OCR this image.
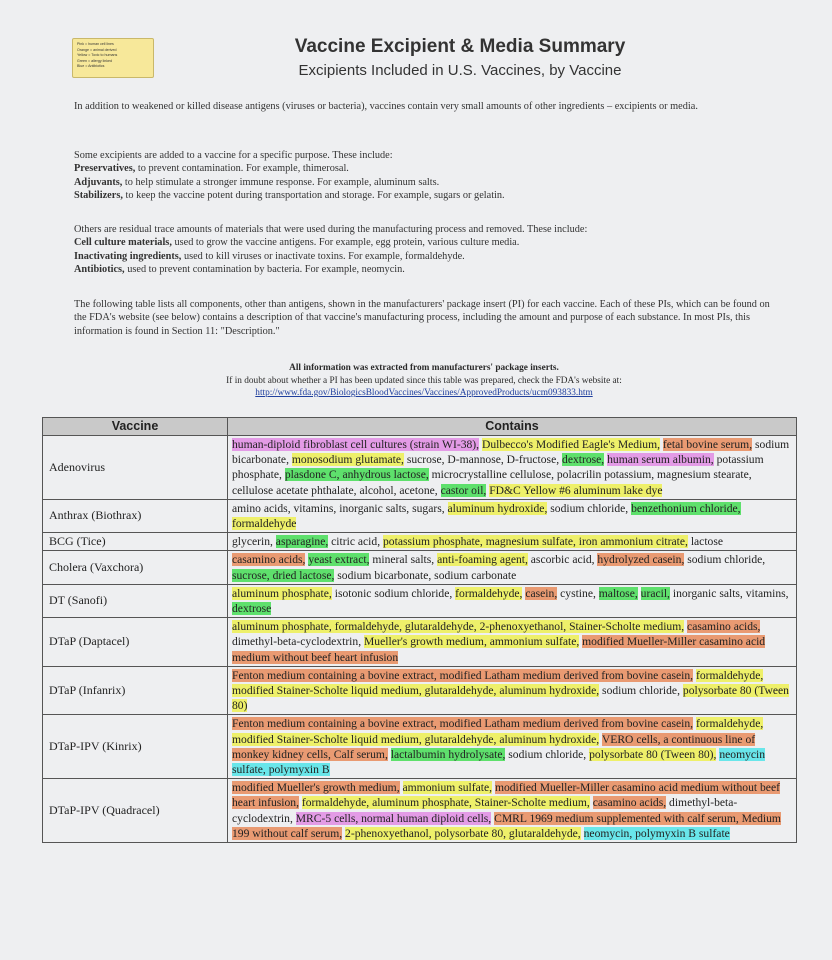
Pink = human cell lines
Orange = animal derived
Yellow = Toxic to humans
Green = allergy linked
Blue = Antibiotics
Vaccine Excipient & Media Summary
Excipients Included in U.S. Vaccines, by Vaccine

In addition to weakened or killed disease antigens (viruses or bacteria), vaccines contain very small amounts of other ingredients – excipients or media.

Some excipients are added to a vaccine for a specific purpose. These include:

Preservatives, to prevent contamination. For example, thimerosal.

Adjuvants, to help stimulate a stronger immune response. For example, aluminum salts.

Stabilizers, to keep the vaccine potent during transportation and storage. For example, sugars or gelatin.

Others are residual trace amounts of materials that were used during the manufacturing process and removed. These include:

Cell culture materials, used to grow the vaccine antigens. For example, egg protein, various culture media.

Inactivating ingredients, used to kill viruses or inactivate toxins. For example, formaldehyde.

Antibiotics, used to prevent contamination by bacteria. For example, neomycin.

The following table lists all components, other than antigens, shown in the manufacturers' package insert (PI) for each vaccine. Each of these PIs, which can be found on the FDA's website (see below) contains a description of that vaccine's manufacturing process, including the amount and purpose of each substance. In most PIs, this information is found in Section 11: "Description."

All information was extracted from manufacturers' package inserts.
If in doubt about whether a PI has been updated since this table was prepared, check the FDA's website at:
http://www.fda.gov/BiologicsBloodVaccines/Vaccines/ApprovedProducts/ucm093833.htm
Vaccine	Contains
Adenovirus	human-diploid fibroblast cell cultures (strain WI-38), Dulbecco's Modified Eagle's Medium, fetal bovine serum, sodium bicarbonate, monosodium glutamate, sucrose, D-mannose, D-fructose, dextrose, human serum albumin, potassium phosphate, plasdone C, anhydrous lactose, microcrystalline cellulose, polacrilin potassium, magnesium stearate, cellulose acetate phthalate, alcohol, acetone, castor oil, FD&C Yellow #6 aluminum lake dye
Anthrax (Biothrax)	amino acids, vitamins, inorganic salts, sugars, aluminum hydroxide, sodium chloride, benzethonium chloride, formaldehyde
BCG (Tice)	glycerin, asparagine, citric acid, potassium phosphate, magnesium sulfate, iron ammonium citrate, lactose
Cholera (Vaxchora)	casamino acids, yeast extract, mineral salts, anti-foaming agent, ascorbic acid, hydrolyzed casein, sodium chloride, sucrose, dried lactose, sodium bicarbonate, sodium carbonate
DT (Sanofi)	aluminum phosphate, isotonic sodium chloride, formaldehyde, casein, cystine, maltose, uracil, inorganic salts, vitamins, dextrose
DTaP (Daptacel)	aluminum phosphate, formaldehyde, glutaraldehyde, 2-phenoxyethanol, Stainer-Scholte medium, casamino acids, dimethyl-beta-cyclodextrin, Mueller's growth medium, ammonium sulfate, modified Mueller-Miller casamino acid medium without beef heart infusion
DTaP (Infanrix)	Fenton medium containing a bovine extract, modified Latham medium derived from bovine casein, formaldehyde, modified Stainer-Scholte liquid medium, glutaraldehyde, aluminum hydroxide, sodium chloride, polysorbate 80 (Tween 80)
DTaP-IPV (Kinrix)	Fenton medium containing a bovine extract, modified Latham medium derived from bovine casein, formaldehyde, modified Stainer-Scholte liquid medium, glutaraldehyde, aluminum hydroxide, VERO cells, a continuous line of monkey kidney cells, Calf serum, lactalbumin hydrolysate, sodium chloride, polysorbate 80 (Tween 80), neomycin sulfate, polymyxin B
DTaP-IPV (Quadracel)	modified Mueller's growth medium, ammonium sulfate, modified Mueller-Miller casamino acid medium without beef heart infusion, formaldehyde, aluminum phosphate, Stainer-Scholte medium, casamino acids, dimethyl-beta-cyclodextrin, MRC-5 cells, normal human diploid cells, CMRL 1969 medium supplemented with calf serum, Medium 199 without calf serum, 2-phenoxyethanol, polysorbate 80, glutaraldehyde, neomycin, polymyxin B sulfate
